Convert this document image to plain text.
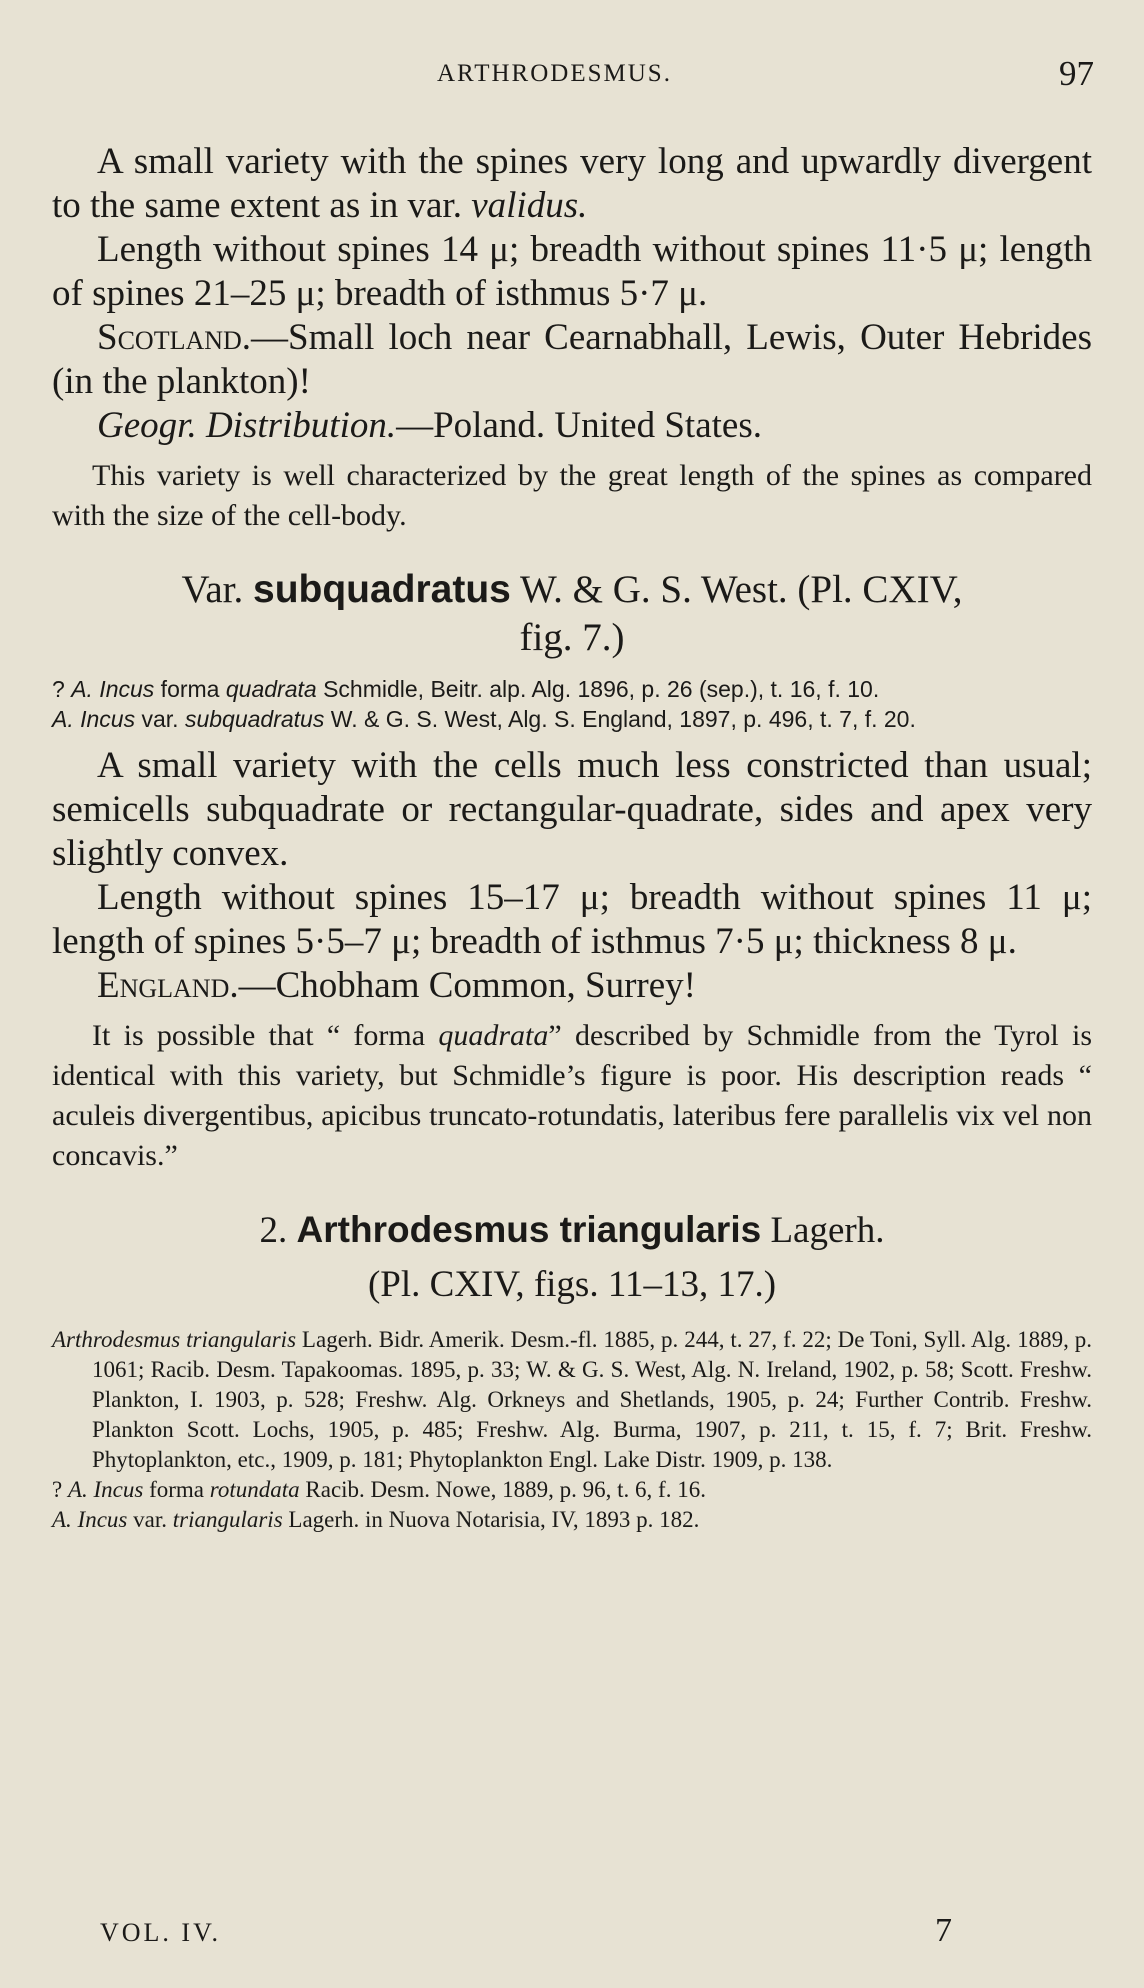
ARTHRODESMUS.	97

A small variety with the spines very long and upwardly divergent to the same extent as in var. validus.

Length without spines 14 μ; breadth without spines 11·5 μ; length of spines 21–25 μ; breadth of isthmus 5·7 μ.

Scotland.—Small loch near Cearnabhall, Lewis, Outer Hebrides (in the plankton)!

Geogr. Distribution.—Poland. United States.

This variety is well characterized by the great length of the spines as compared with the size of the cell-body.

Var. subquadratus W. & G. S. West. (Pl. CXIV,
fig. 7.)

? A. Incus forma quadrata Schmidle, Beitr. alp. Alg. 1896, p. 26 (sep.), t. 16, f. 10.

A. Incus var. subquadratus W. & G. S. West, Alg. S. England, 1897, p. 496, t. 7, f. 20.

A small variety with the cells much less constricted than usual; semicells subquadrate or rectangular-quadrate, sides and apex very slightly convex.

Length without spines 15–17 μ; breadth without spines 11 μ; length of spines 5·5–7 μ; breadth of isthmus 7·5 μ; thickness 8 μ.

England.—Chobham Common, Surrey!

It is possible that “ forma quadrata” described by Schmidle from the Tyrol is identical with this variety, but Schmidle’s figure is poor. His description reads “ aculeis divergentibus, apicibus truncato-rotundatis, lateribus fere parallelis vix vel non concavis.”

2. Arthrodesmus triangularis Lagerh.
(Pl. CXIV, figs. 11–13, 17.)

Arthrodesmus triangularis Lagerh. Bidr. Amerik. Desm.-fl. 1885, p. 244, t. 27, f. 22; De Toni, Syll. Alg. 1889, p. 1061; Racib. Desm. Tapakoomas. 1895, p. 33; W. & G. S. West, Alg. N. Ireland, 1902, p. 58; Scott. Freshw. Plankton, I. 1903, p. 528; Freshw. Alg. Orkneys and Shetlands, 1905, p. 24; Further Contrib. Freshw. Plankton Scott. Lochs, 1905, p. 485; Freshw. Alg. Burma, 1907, p. 211, t. 15, f. 7; Brit. Freshw. Phytoplankton, etc., 1909, p. 181; Phytoplankton Engl. Lake Distr. 1909, p. 138.

? A. Incus forma rotundata Racib. Desm. Nowe, 1889, p. 96, t. 6, f. 16.

A. Incus var. triangularis Lagerh. in Nuova Notarisia, IV, 1893 p. 182.

VOL. IV.	7
